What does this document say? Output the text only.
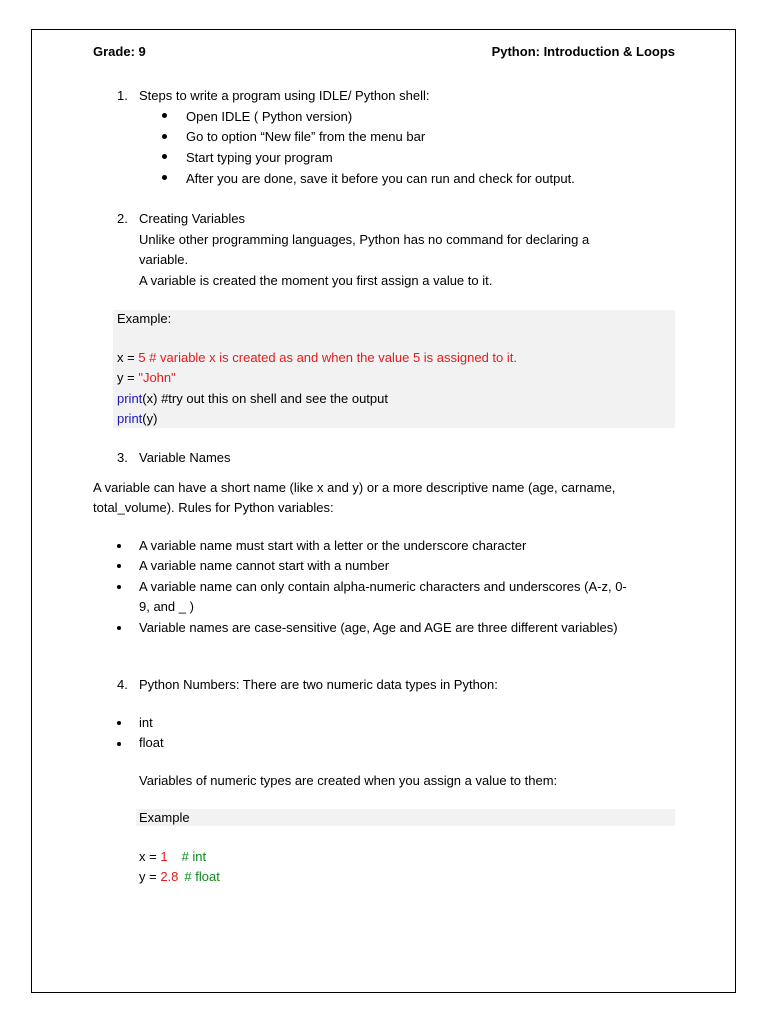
Grade: 9	Python: Introduction & Loops
1. Steps to write a program using IDLE/ Python shell:
Open IDLE ( Python version)
Go to option “New file” from the menu bar
Start typing your program
After you are done, save it before you can run and check for output.
2. Creating Variables
Unlike other programming languages, Python has no command for declaring a
variable.
A variable is created the moment you first assign a value to it.
Example:
x = 5 # variable x is created as and when the value 5 is assigned to it.
y = "John"
print(x) #try out this on shell and see the output
print(y)
3. Variable Names
A variable can have a short name (like x and y) or a more descriptive name (age, carname,
total_volume). Rules for Python variables:
A variable name must start with a letter or the underscore character
A variable name cannot start with a number
A variable name can only contain alpha-numeric characters and underscores (A-z, 0-
9, and _ )
Variable names are case-sensitive (age, Age and AGE are three different variables)
4. Python Numbers: There are two numeric data types in Python:
int
float
Variables of numeric types are created when you assign a value to them:
Example
x = 1 # int
y = 2.8 # float
